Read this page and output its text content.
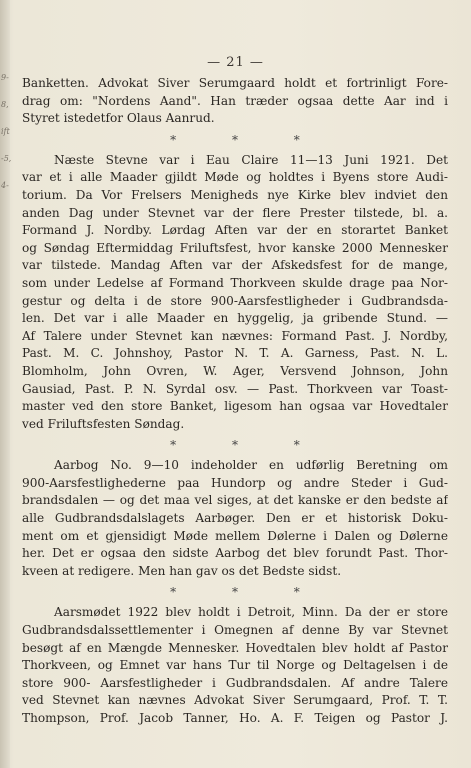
9-
8,
ift
-5,
4-
— 21 —

Banketten. Advokat Siver Serumgaard holdt et fortrinligt Fore-
drag om: "Nordens Aand". Han træder ogsaa dette Aar ind i
Styret istedetfor Olaus Aanrud.

* * *

Næste Stevne var i Eau Claire 11—13 Juni 1921. Det
var et i alle Maader gjildt Møde og holdtes i Byens store Audi-
torium. Da Vor Frelsers Menigheds nye Kirke blev indviet den
anden Dag under Stevnet var der flere Prester tilstede, bl. a.
Formand J. Nordby. Lørdag Aften var der en storartet Banket
og Søndag Eftermiddag Friluftsfest, hvor kanske 2000 Mennesker
var tilstede. Mandag Aften var der Afskedsfest for de mange,
som under Ledelse af Formand Thorkveen skulde drage paa Nor-
gestur og delta i de store 900-Aarsfestligheder i Gudbrandsda-
len. Det var i alle Maader en hyggelig, ja gribende Stund. —
Af Talere under Stevnet kan nævnes: Formand Past. J. Nordby,
Past. M. C. Johnshoy, Pastor N. T. A. Garness, Past. N. L.
Blomholm, John Ovren, W. Ager, Versvend Johnson, John
Gausiad, Past. P. N. Syrdal osv. — Past. Thorkveen var Toast-
master ved den store Banket, ligesom han ogsaa var Hovedtaler
ved Friluftsfesten Søndag.

* * *

Aarbog No. 9—10 indeholder en udførlig Beretning om
900-Aarsfestlighederne paa Hundorp og andre Steder i Gud-
brandsdalen — og det maa vel siges, at det kanske er den bedste af
alle Gudbrandsdalslagets Aarbøger. Den er et historisk Doku-
ment om et gjensidigt Møde mellem Dølerne i Dalen og Dølerne
her. Det er ogsaa den sidste Aarbog det blev forundt Past. Thor-
kveen at redigere. Men han gav os det Bedste sidst.

* * *

Aarsmødet 1922 blev holdt i Detroit, Minn. Da der er store
Gudbrandsdalssettlementer i Omegnen af denne By var Stevnet
besøgt af en Mængde Mennesker. Hovedtalen blev holdt af Pastor
Thorkveen, og Emnet var hans Tur til Norge og Deltagelsen i de
store 900- Aarsfestligheder i Gudbrandsdalen. Af andre Talere
ved Stevnet kan nævnes Advokat Siver Serumgaard, Prof. T. T.
Thompson, Prof. Jacob Tanner, Ho. A. F. Teigen og Pastor J.
